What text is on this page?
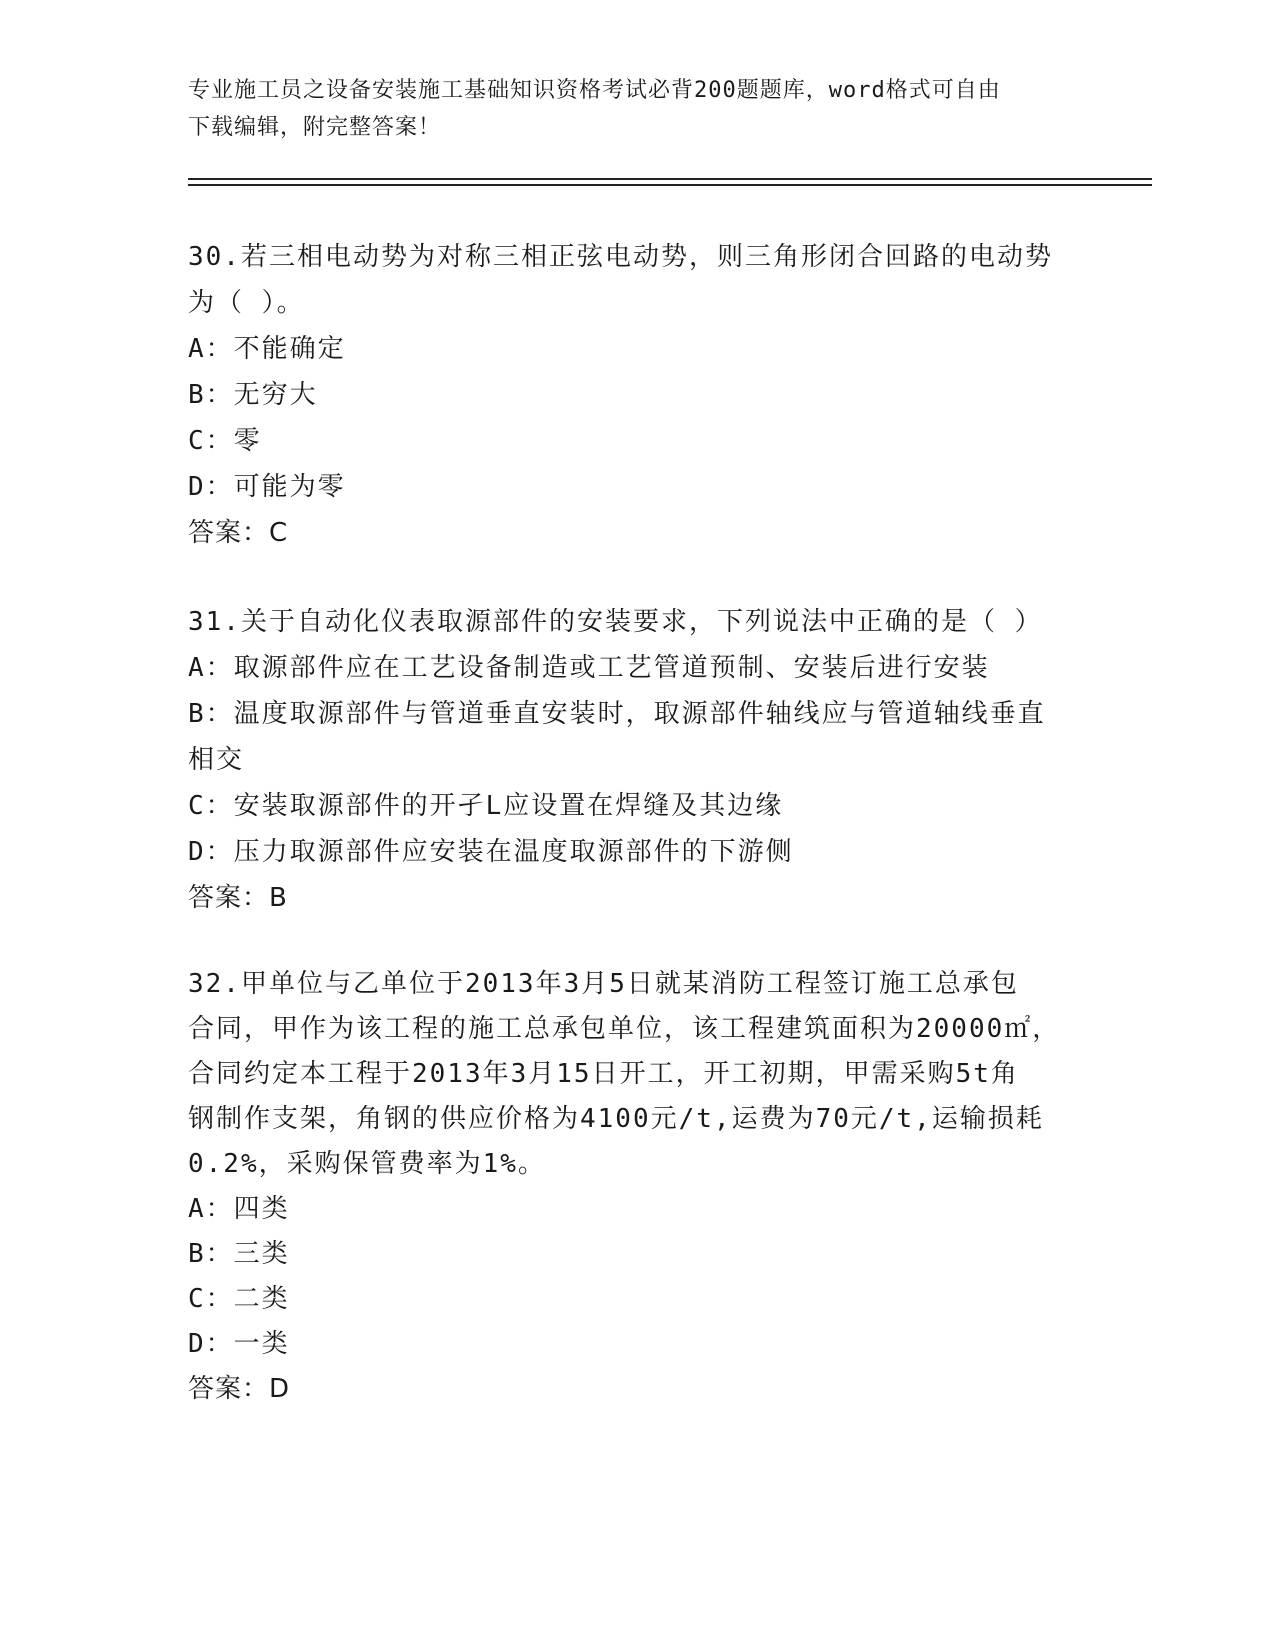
专业施工员之设备安装施工基础知识资格考试必背200题题库，word格式可自由
下载编辑，附完整答案！
30.若三相电动势为对称三相正弦电动势，则三角形闭合回路的电动势
为（ ）。
A：不能确定
B：无穷大
C：零
D：可能为零
答案：C
31.关于自动化仪表取源部件的安装要求，下列说法中正确的是（ ）
A：取源部件应在工艺设备制造或工艺管道预制、安装后进行安装
B：温度取源部件与管道垂直安装时，取源部件轴线应与管道轴线垂直
相交
C：安装取源部件的开孑L应设置在焊缝及其边缘
D：压力取源部件应安装在温度取源部件的下游侧
答案：B
32.甲单位与乙单位于2013年3月5日就某消防工程签订施工总承包
合同，甲作为该工程的施工总承包单位，该工程建筑面积为20000㎡，
合同约定本工程于2013年3月15日开工，开工初期，甲需采购5t角
钢制作支架，角钢的供应价格为4100元/t,运费为70元/t,运输损耗
0.2%，采购保管费率为1%。
A：四类
B：三类
C：二类
D：一类
答案：D
